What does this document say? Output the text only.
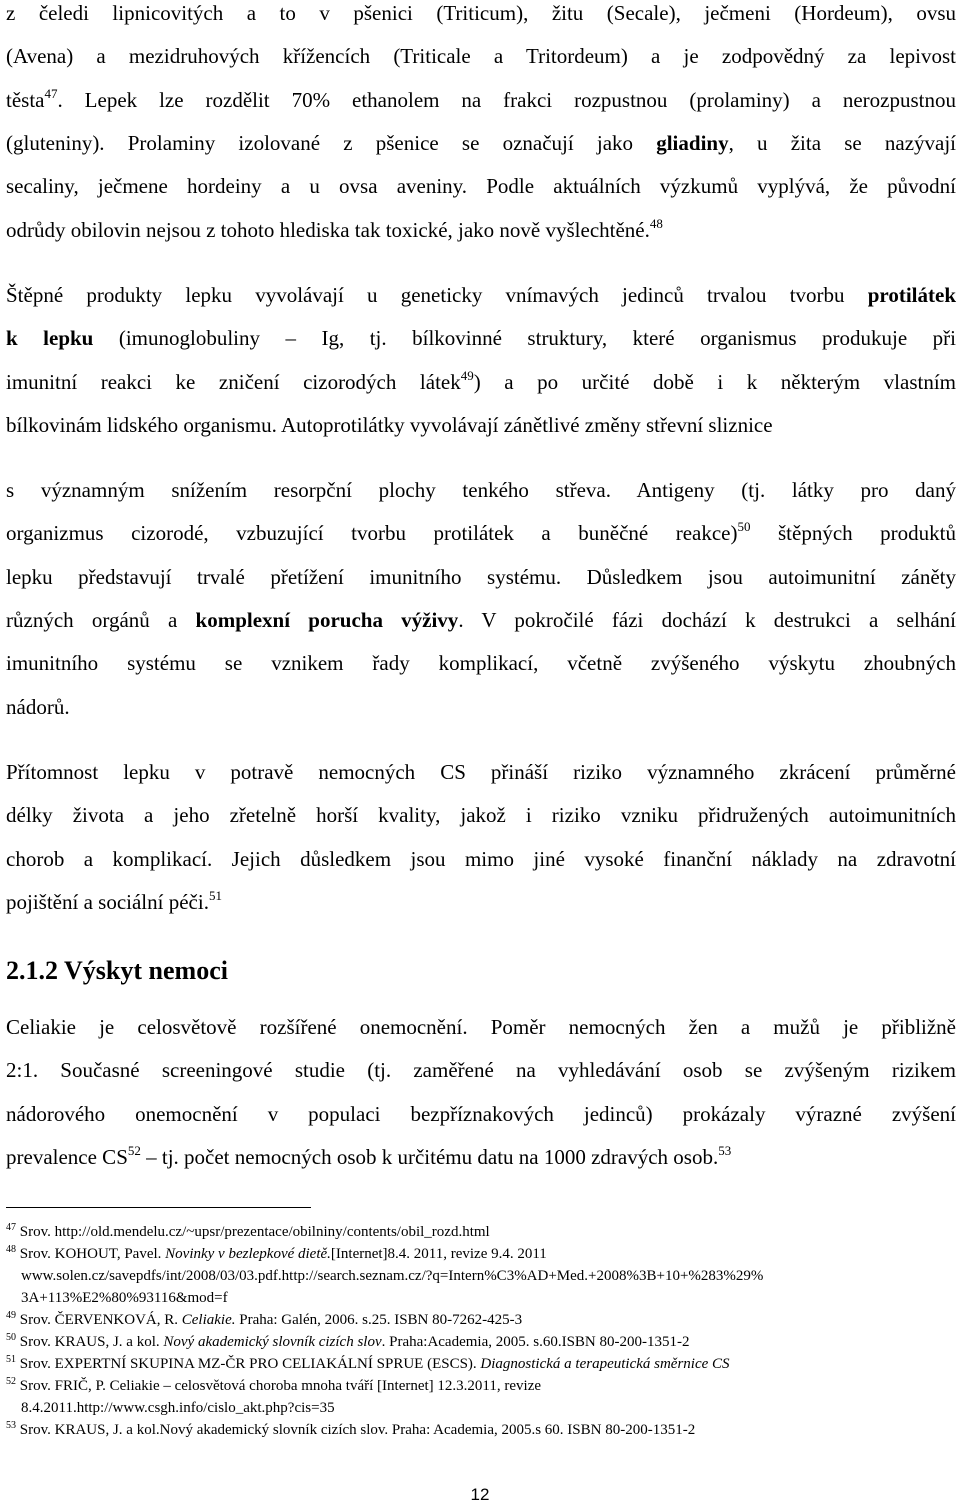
z čeledi lipnicovitých a to v pšenici (Triticum), žitu (Secale), ječmeni (Hordeum), ovsu
(Avena) a mezidruhových křížencích (Triticale a Tritordeum) a je zodpovědný za lepivost
těsta$^{47}$. Lepek lze rozdělit 70% ethanolem na frakci rozpustnou (prolaminy) a nerozpustnou
(gluteniny). Prolaminy izolované z pšenice se označují jako gliadiny, u žita se nazývají
secaliny, ječmene hordeiny a u ovsa aveniny. Podle aktuálních výzkumů vyplývá, že původní
odrůdy obilovin nejsou z tohoto hlediska tak toxické, jako nově vyšlechtěné.$^{48}$
Štěpné produkty lepku vyvolávají u geneticky vnímavých jedinců trvalou tvorbu protilátek
k lepku (imunoglobuliny – Ig, tj. bílkovinné struktury, které organismus produkuje při
imunitní reakci ke zničení cizorodých látek$^{49}$) a po určité době i k některým vlastním
bílkovinám lidského organismu. Autoprotilátky vyvolávají zánětlivé změny střevní sliznice
s významným snížením resorpční plochy tenkého střeva. Antigeny (tj. látky pro daný
organizmus cizorodé, vzbuzující tvorbu protilátek a buněčné reakce)$^{50}$ štěpných produktů
lepku představují trvalé přetížení imunitního systému. Důsledkem jsou autoimunitní záněty
různých orgánů a komplexní porucha výživy. V pokročilé fázi dochází k destrukci a selhání
imunitního systému se vznikem řady komplikací, včetně zvýšeného výskytu zhoubných
nádorů.
Přítomnost lepku v potravě nemocných CS přináší riziko významného zkrácení průměrné
délky života a jeho zřetelně horší kvality, jakož i riziko vzniku přidružených autoimunitních
chorob a komplikací. Jejich důsledkem jsou mimo jiné vysoké finanční náklady na zdravotní
pojištění a sociální péči.$^{51}$
2.1.2 Výskyt nemoci
Celiakie je celosvětově rozšířené onemocnění. Poměr nemocných žen a mužů je přibližně
2:1. Současné screeningové studie (tj. zaměřené na vyhledávání osob se zvýšeným rizikem
nádorového onemocnění v populaci bezpříznakových jedinců) prokázaly výrazné zvýšení
prevalence CS$^{52}$ – tj. počet nemocných osob k určitému datu na 1000 zdravých osob.$^{53}$
$^{47}$ Srov. http://old.mendelu.cz/~upsr/prezentace/obilniny/contents/obil_rozd.html
$^{48}$ Srov. KOHOUT, Pavel. Novinky v bezlepkové dietě.[Internet]8.4. 2011, revize 9.4. 2011
www.solen.cz/savepdfs/int/2008/03/03.pdf.http://search.seznam.cz/?q=Intern%C3%AD+Med.+2008%3B+10+%283%29%
3A+113%E2%80%93116&mod=f
$^{49}$ Srov. ČERVENKOVÁ, R. Celiakie. Praha: Galén, 2006. s.25. ISBN 80-7262-425-3
$^{50}$ Srov. KRAUS, J. a kol. Nový akademický slovník cizích slov. Praha:Academia, 2005. s.60.ISBN 80-200-1351-2
$^{51}$ Srov. EXPERTNÍ SKUPINA MZ-ČR PRO CELIAKÁLNÍ SPRUE (ESCS). Diagnostická a terapeutická směrnice CS
$^{52}$ Srov. FRIČ, P. Celiakie – celosvětová choroba mnoha tváří [Internet] 12.3.2011, revize
8.4.2011.http://www.csgh.info/cislo_akt.php?cis=35
$^{53}$ Srov. KRAUS, J. a kol.Nový akademický slovník cizích slov. Praha: Academia, 2005.s 60. ISBN 80-200-1351-2
12
